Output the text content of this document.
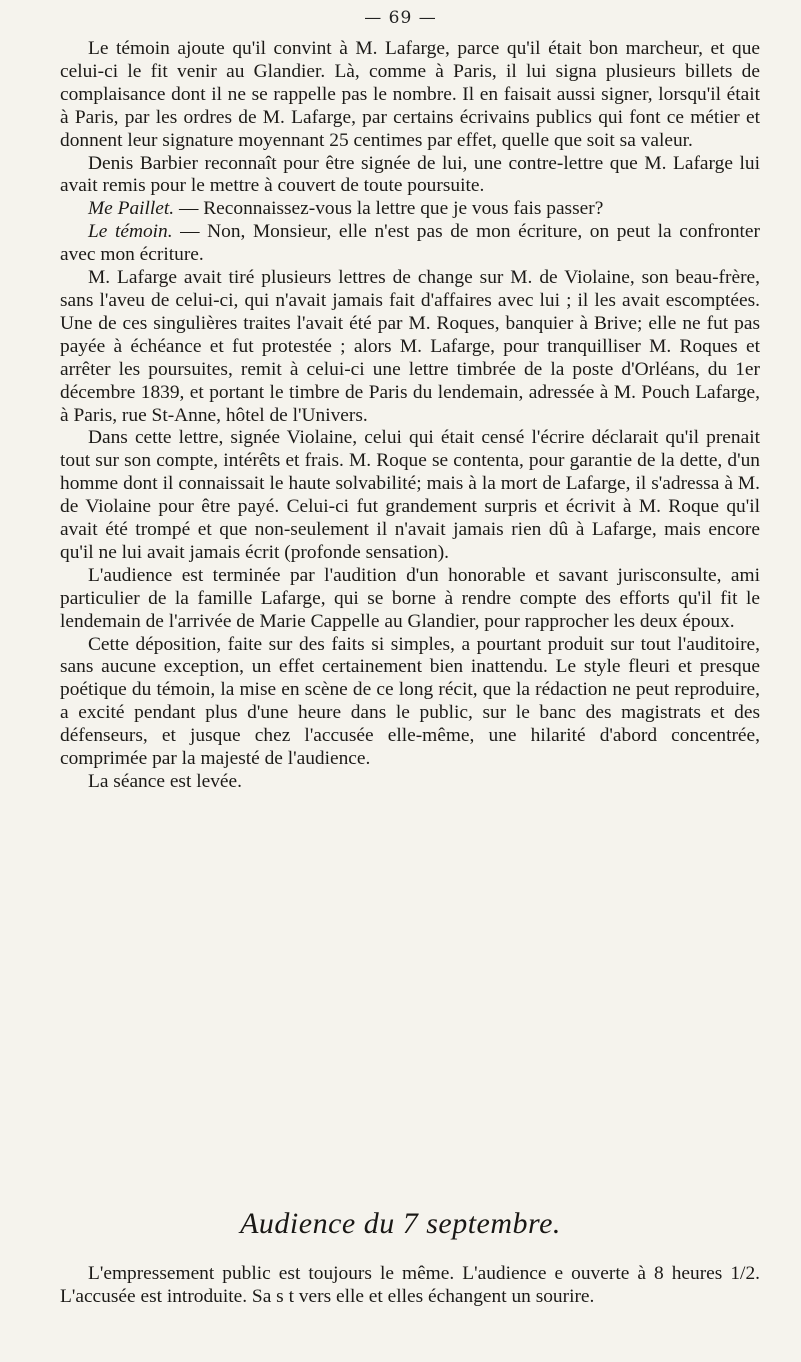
— 69 —

Le témoin ajoute qu'il convint à M. Lafarge, parce qu'il était bon marcheur, et que celui-ci le fit venir au Glandier. Là, comme à Paris, il lui signa plusieurs billets de complaisance dont il ne se rappelle pas le nombre. Il en faisait aussi signer, lorsqu'il était à Paris, par les ordres de M. Lafarge, par certains écrivains publics qui font ce métier et donnent leur signature moyennant 25 centimes par effet, quelle que soit sa valeur.

Denis Barbier reconnaît pour être signée de lui, une contre-lettre que M. Lafarge lui avait remis pour le mettre à couvert de toute poursuite.

Me Paillet. — Reconnaissez-vous la lettre que je vous fais passer?

Le témoin. — Non, Monsieur, elle n'est pas de mon écriture, on peut la confronter avec mon écriture.

M. Lafarge avait tiré plusieurs lettres de change sur M. de Violaine, son beau-frère, sans l'aveu de celui-ci, qui n'avait jamais fait d'affaires avec lui ; il les avait escomptées. Une de ces singulières traites l'avait été par M. Roques, banquier à Brive; elle ne fut pas payée à échéance et fut protestée ; alors M. Lafarge, pour tranquilliser M. Roques et arrêter les poursuites, remit à celui-ci une lettre timbrée de la poste d'Orléans, du 1er décembre 1839, et portant le timbre de Paris du lendemain, adressée à M. Pouch Lafarge, à Paris, rue St-Anne, hôtel de l'Univers.

Dans cette lettre, signée Violaine, celui qui était censé l'écrire déclarait qu'il prenait tout sur son compte, intérêts et frais. M. Roque se contenta, pour garantie de la dette, d'un homme dont il connaissait le haute solvabilité; mais à la mort de Lafarge, il s'adressa à M. de Violaine pour être payé. Celui-ci fut grandement surpris et écrivit à M. Roque qu'il avait été trompé et que non-seulement il n'avait jamais rien dû à Lafarge, mais encore qu'il ne lui avait jamais écrit (profonde sensation).

L'audience est terminée par l'audition d'un honorable et savant jurisconsulte, ami particulier de la famille Lafarge, qui se borne à rendre compte des efforts qu'il fit le lendemain de l'arrivée de Marie Cappelle au Glandier, pour rapprocher les deux époux.

Cette déposition, faite sur des faits si simples, a pourtant produit sur tout l'auditoire, sans aucune exception, un effet certainement bien inattendu. Le style fleuri et presque poétique du témoin, la mise en scène de ce long récit, que la rédaction ne peut reproduire, a excité pendant plus d'une heure dans le public, sur le banc des magistrats et des défenseurs, et jusque chez l'accusée elle-même, une hilarité d'abord concentrée, comprimée par la majesté de l'audience.

La séance est levée.

Audience du 7 septembre.

L'empressement public est toujours le même. L'audience e ouverte à 8 heures 1/2. L'accusée est introduite. Sa s t vers elle et elles échangent un sourire.
